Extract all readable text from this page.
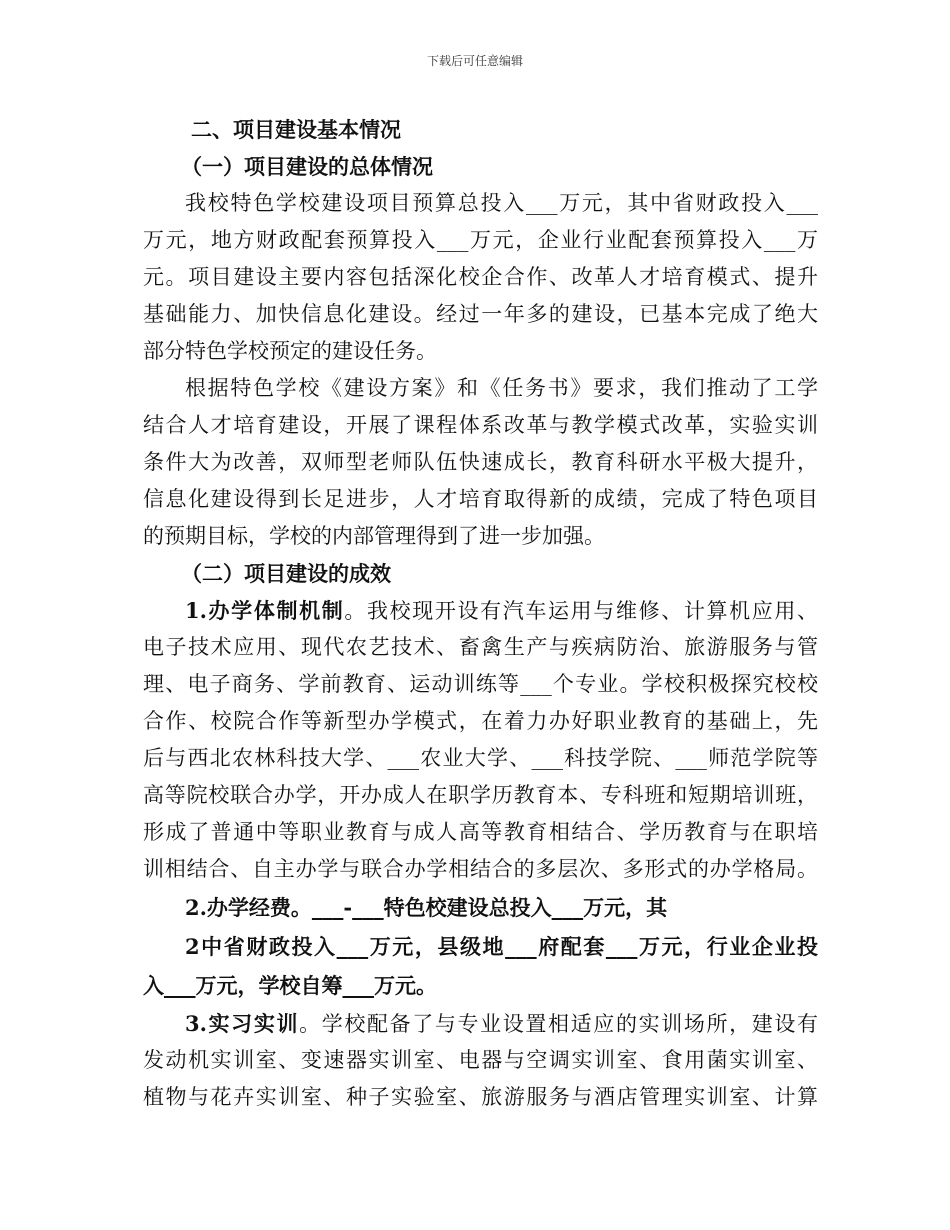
下载后可任意编辑
二、项目建设基本情况
（一）项目建设的总体情况
我校特色学校建设项目预算总投入___万元，其中省财政投入___
万元，地方财政配套预算投入___万元，企业行业配套预算投入___万
元。项目建设主要内容包括深化校企合作、改革人才培育模式、提升
基础能力、加快信息化建设。经过一年多的建设，已基本完成了绝大
部分特色学校预定的建设任务。
根据特色学校《建设方案》和《任务书》要求，我们推动了工学
结合人才培育建设，开展了课程体系改革与教学模式改革，实验实训
条件大为改善，双师型老师队伍快速成长，教育科研水平极大提升，
信息化建设得到长足进步，人才培育取得新的成绩，完成了特色项目
的预期目标，学校的内部管理得到了进一步加强。
（二）项目建设的成效
1.办学体制机制。我校现开设有汽车运用与维修、计算机应用、
电子技术应用、现代农艺技术、畜禽生产与疾病防治、旅游服务与管
理、电子商务、学前教育、运动训练等___个专业。学校积极探究校校
合作、校院合作等新型办学模式，在着力办好职业教育的基础上，先
后与西北农林科技大学、___农业大学、___科技学院、___师范学院等
高等院校联合办学，开办成人在职学历教育本、专科班和短期培训班，
形成了普通中等职业教育与成人高等教育相结合、学历教育与在职培
训相结合、自主办学与联合办学相结合的多层次、多形式的办学格局。
2.办学经费。___-___特色校建设总投入___万元，其
2中省财政投入___万元，县级地___府配套___万元，行业企业投
入___万元，学校自筹___万元。
3.实习实训。学校配备了与专业设置相适应的实训场所，建设有
发动机实训室、变速器实训室、电器与空调实训室、食用菌实训室、
植物与花卉实训室、种子实验室、旅游服务与酒店管理实训室、计算
